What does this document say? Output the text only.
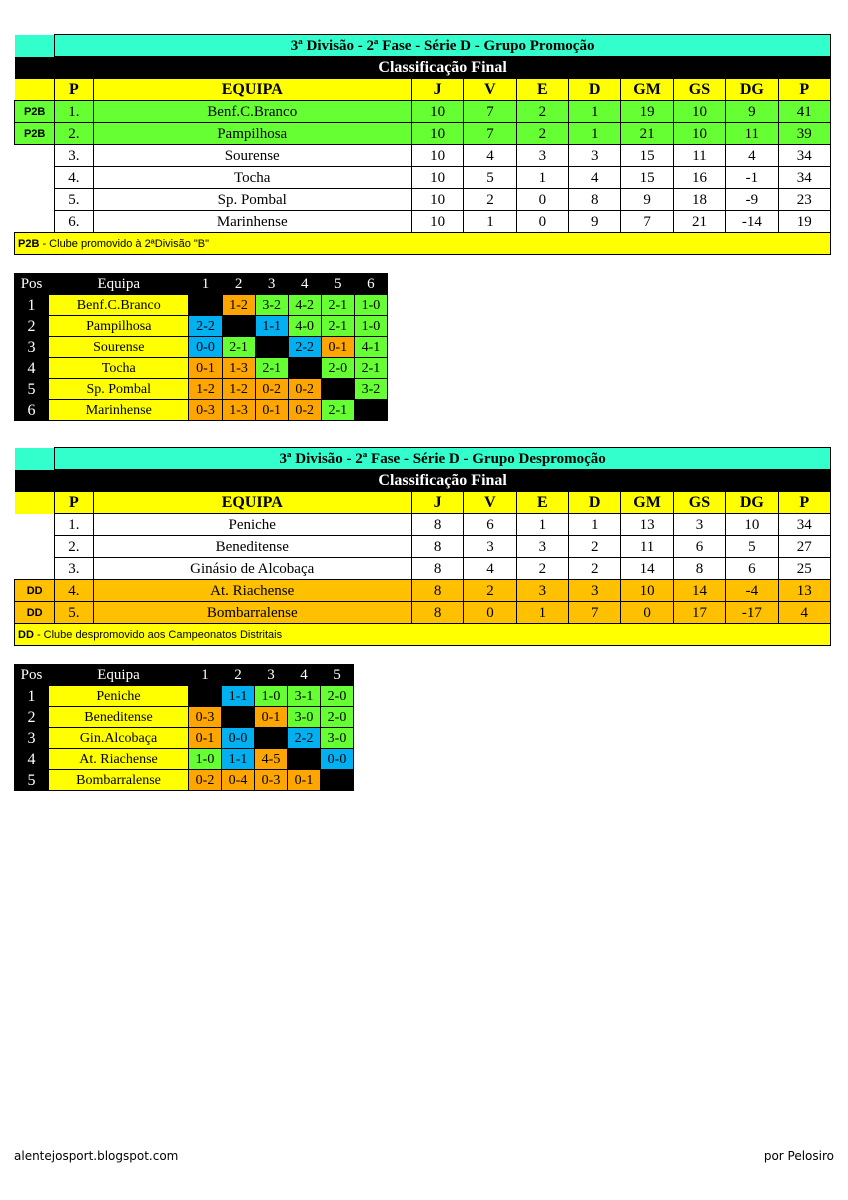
	3ª Divisão - 2ª Fase - Série D - Grupo Promoção									
	Classificação Final									
	P	EQUIPA	J	V	E	D	GM	GS	DG	P
P2B	1.	Benf.C.Branco	10	7	2	1	19	10	9	41
P2B	2.	Pampilhosa	10	7	2	1	21	10	11	39
	3.	Sourense	10	4	3	3	15	11	4	34
	4.	Tocha	10	5	1	4	15	16	-1	34
	5.	Sp. Pombal	10	2	0	8	9	18	-9	23
	6.	Marinhense	10	1	0	9	7	21	-14	19
P2B - Clube promovido à 2ªDivisão "B"										
Pos	Equipa	1	2	3	4	5	6
1	Benf.C.Branco		1-2	3-2	4-2	2-1	1-0
2	Pampilhosa	2-2		1-1	4-0	2-1	1-0
3	Sourense	0-0	2-1		2-2	0-1	4-1
4	Tocha	0-1	1-3	2-1		2-0	2-1
5	Sp. Pombal	1-2	1-2	0-2	0-2		3-2
6	Marinhense	0-3	1-3	0-1	0-2	2-1	
	3ª Divisão - 2ª Fase - Série D - Grupo Despromoção									
	Classificação Final									
	P	EQUIPA	J	V	E	D	GM	GS	DG	P
	1.	Peniche	8	6	1	1	13	3	10	34
	2.	Beneditense	8	3	3	2	11	6	5	27
	3.	Ginásio de Alcobaça	8	4	2	2	14	8	6	25
DD	4.	At. Riachense	8	2	3	3	10	14	-4	13
DD	5.	Bombarralense	8	0	1	7	0	17	-17	4
DD - Clube despromovido aos Campeonatos Distritais										
Pos	Equipa	1	2	3	4	5
1	Peniche		1-1	1-0	3-1	2-0
2	Beneditense	0-3		0-1	3-0	2-0
3	Gin.Alcobaça	0-1	0-0		2-2	3-0
4	At. Riachense	1-0	1-1	4-5		0-0
5	Bombarralense	0-2	0-4	0-3	0-1	
alentejosport.blogspot.com	por Pelosiro
